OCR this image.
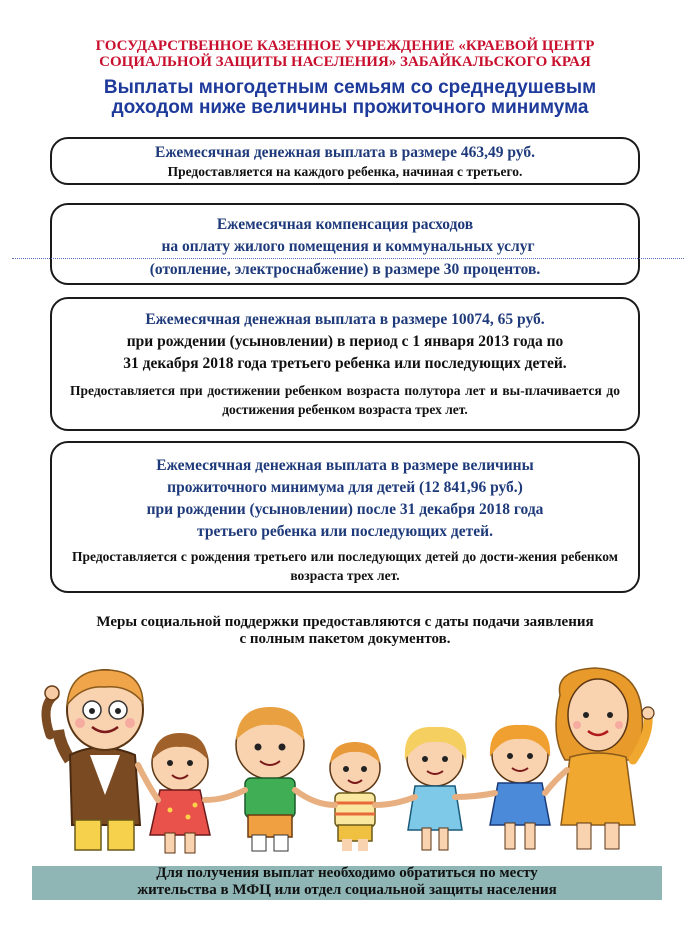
ГОСУДАРСТВЕННОЕ КАЗЕННОЕ УЧРЕЖДЕНИЕ «КРАЕВОЙ ЦЕНТР
СОЦИАЛЬНОЙ ЗАЩИТЫ НАСЕЛЕНИЯ» ЗАБАЙКАЛЬСКОГО КРАЯ
Выплаты многодетным семьям со среднедушевым
доходом ниже величины прожиточного минимума
Ежемесячная денежная выплата в размере 463,49 руб.
Предоставляется на каждого ребенка, начиная с третьего.
Ежемесячная компенсация расходов
на оплату жилого помещения и коммунальных услуг
(отопление, электроснабжение) в размере 30 процентов.
Ежемесячная денежная выплата в размере 10074, 65 руб.
при рождении (усыновлении) в период с 1 января 2013 года по
31 декабря 2018 года третьего ребенка или последующих детей.
Предоставляется при достижении ребенком возраста полутора лет и вы-плачивается до достижения ребенком возраста трех лет.
Ежемесячная денежная выплата в размере величины
прожиточного минимума для детей (12 841,96 руб.)
при рождении (усыновлении) после 31 декабря 2018 года
третьего ребенка или последующих детей.
Предоставляется с рождения третьего или последующих детей до дости-жения ребенком возраста трех лет.
Меры социальной поддержки предоставляются с даты подачи заявления
с полным пакетом документов.
Для получения выплат необходимо обратиться по месту
жительства в МФЦ или отдел социальной защиты населения
